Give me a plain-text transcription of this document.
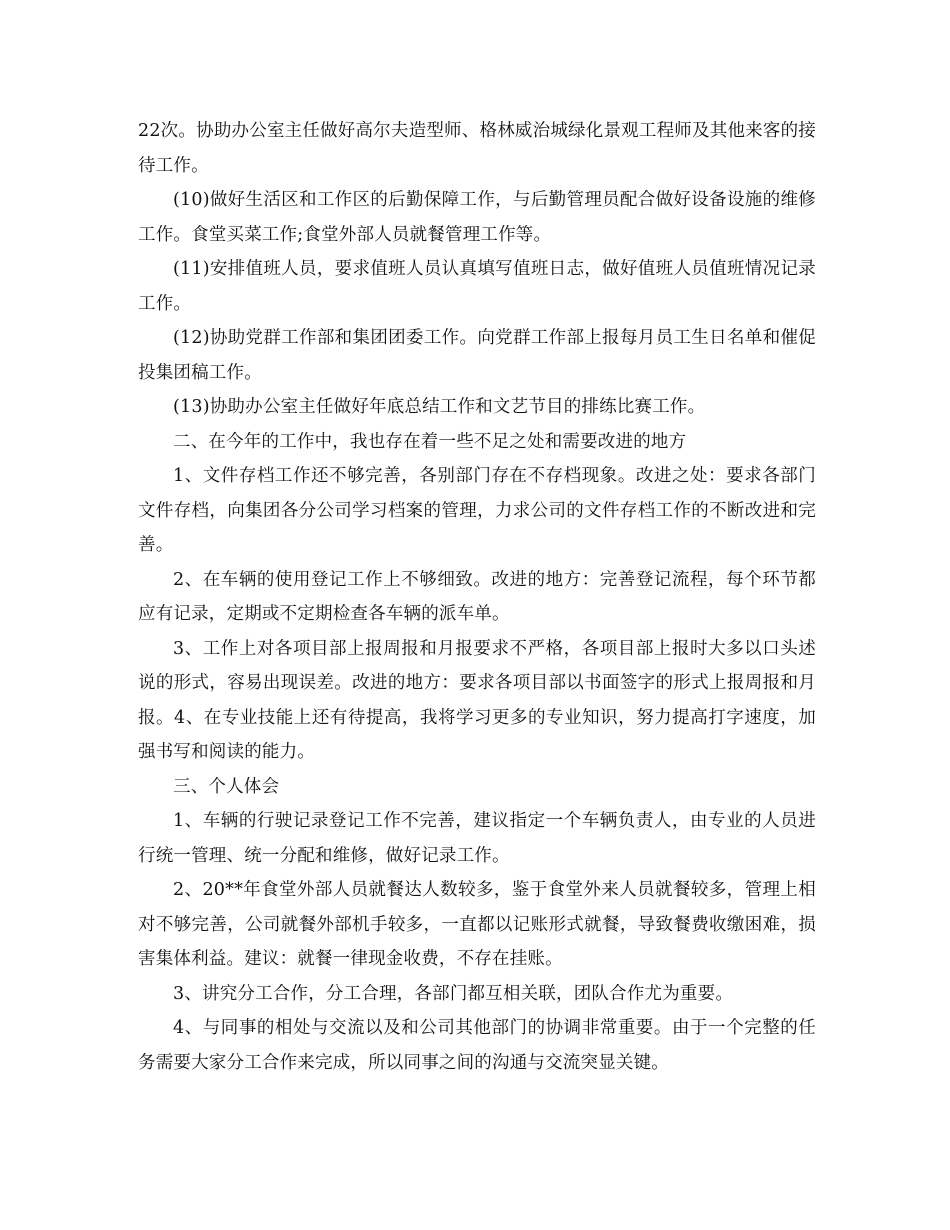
22次。协助办公室主任做好高尔夫造型师、格林威治城绿化景观工程师及其他来客的接待工作。

(10)做好生活区和工作区的后勤保障工作，与后勤管理员配合做好设备设施的维修工作。食堂买菜工作;食堂外部人员就餐管理工作等。

(11)安排值班人员，要求值班人员认真填写值班日志，做好值班人员值班情况记录工作。

(12)协助党群工作部和集团团委工作。向党群工作部上报每月员工生日名单和催促投集团稿工作。

(13)协助办公室主任做好年底总结工作和文艺节目的排练比赛工作。

二、在今年的工作中，我也存在着一些不足之处和需要改进的地方

1、文件存档工作还不够完善，各别部门存在不存档现象。改进之处：要求各部门文件存档，向集团各分公司学习档案的管理，力求公司的文件存档工作的不断改进和完善。

2、在车辆的使用登记工作上不够细致。改进的地方：完善登记流程，每个环节都应有记录，定期或不定期检查各车辆的派车单。

3、工作上对各项目部上报周报和月报要求不严格，各项目部上报时大多以口头述说的形式，容易出现误差。改进的地方：要求各项目部以书面签字的形式上报周报和月报。4、在专业技能上还有待提高，我将学习更多的专业知识，努力提高打字速度，加强书写和阅读的能力。

三、个人体会

1、车辆的行驶记录登记工作不完善，建议指定一个车辆负责人，由专业的人员进行统一管理、统一分配和维修，做好记录工作。

2、20**年食堂外部人员就餐达人数较多，鉴于食堂外来人员就餐较多，管理上相对不够完善，公司就餐外部机手较多，一直都以记账形式就餐，导致餐费收缴困难，损害集体利益。建议：就餐一律现金收费，不存在挂账。

3、讲究分工合作，分工合理，各部门都互相关联，团队合作尤为重要。

4、与同事的相处与交流以及和公司其他部门的协调非常重要。由于一个完整的任务需要大家分工合作来完成，所以同事之间的沟通与交流突显关键。
